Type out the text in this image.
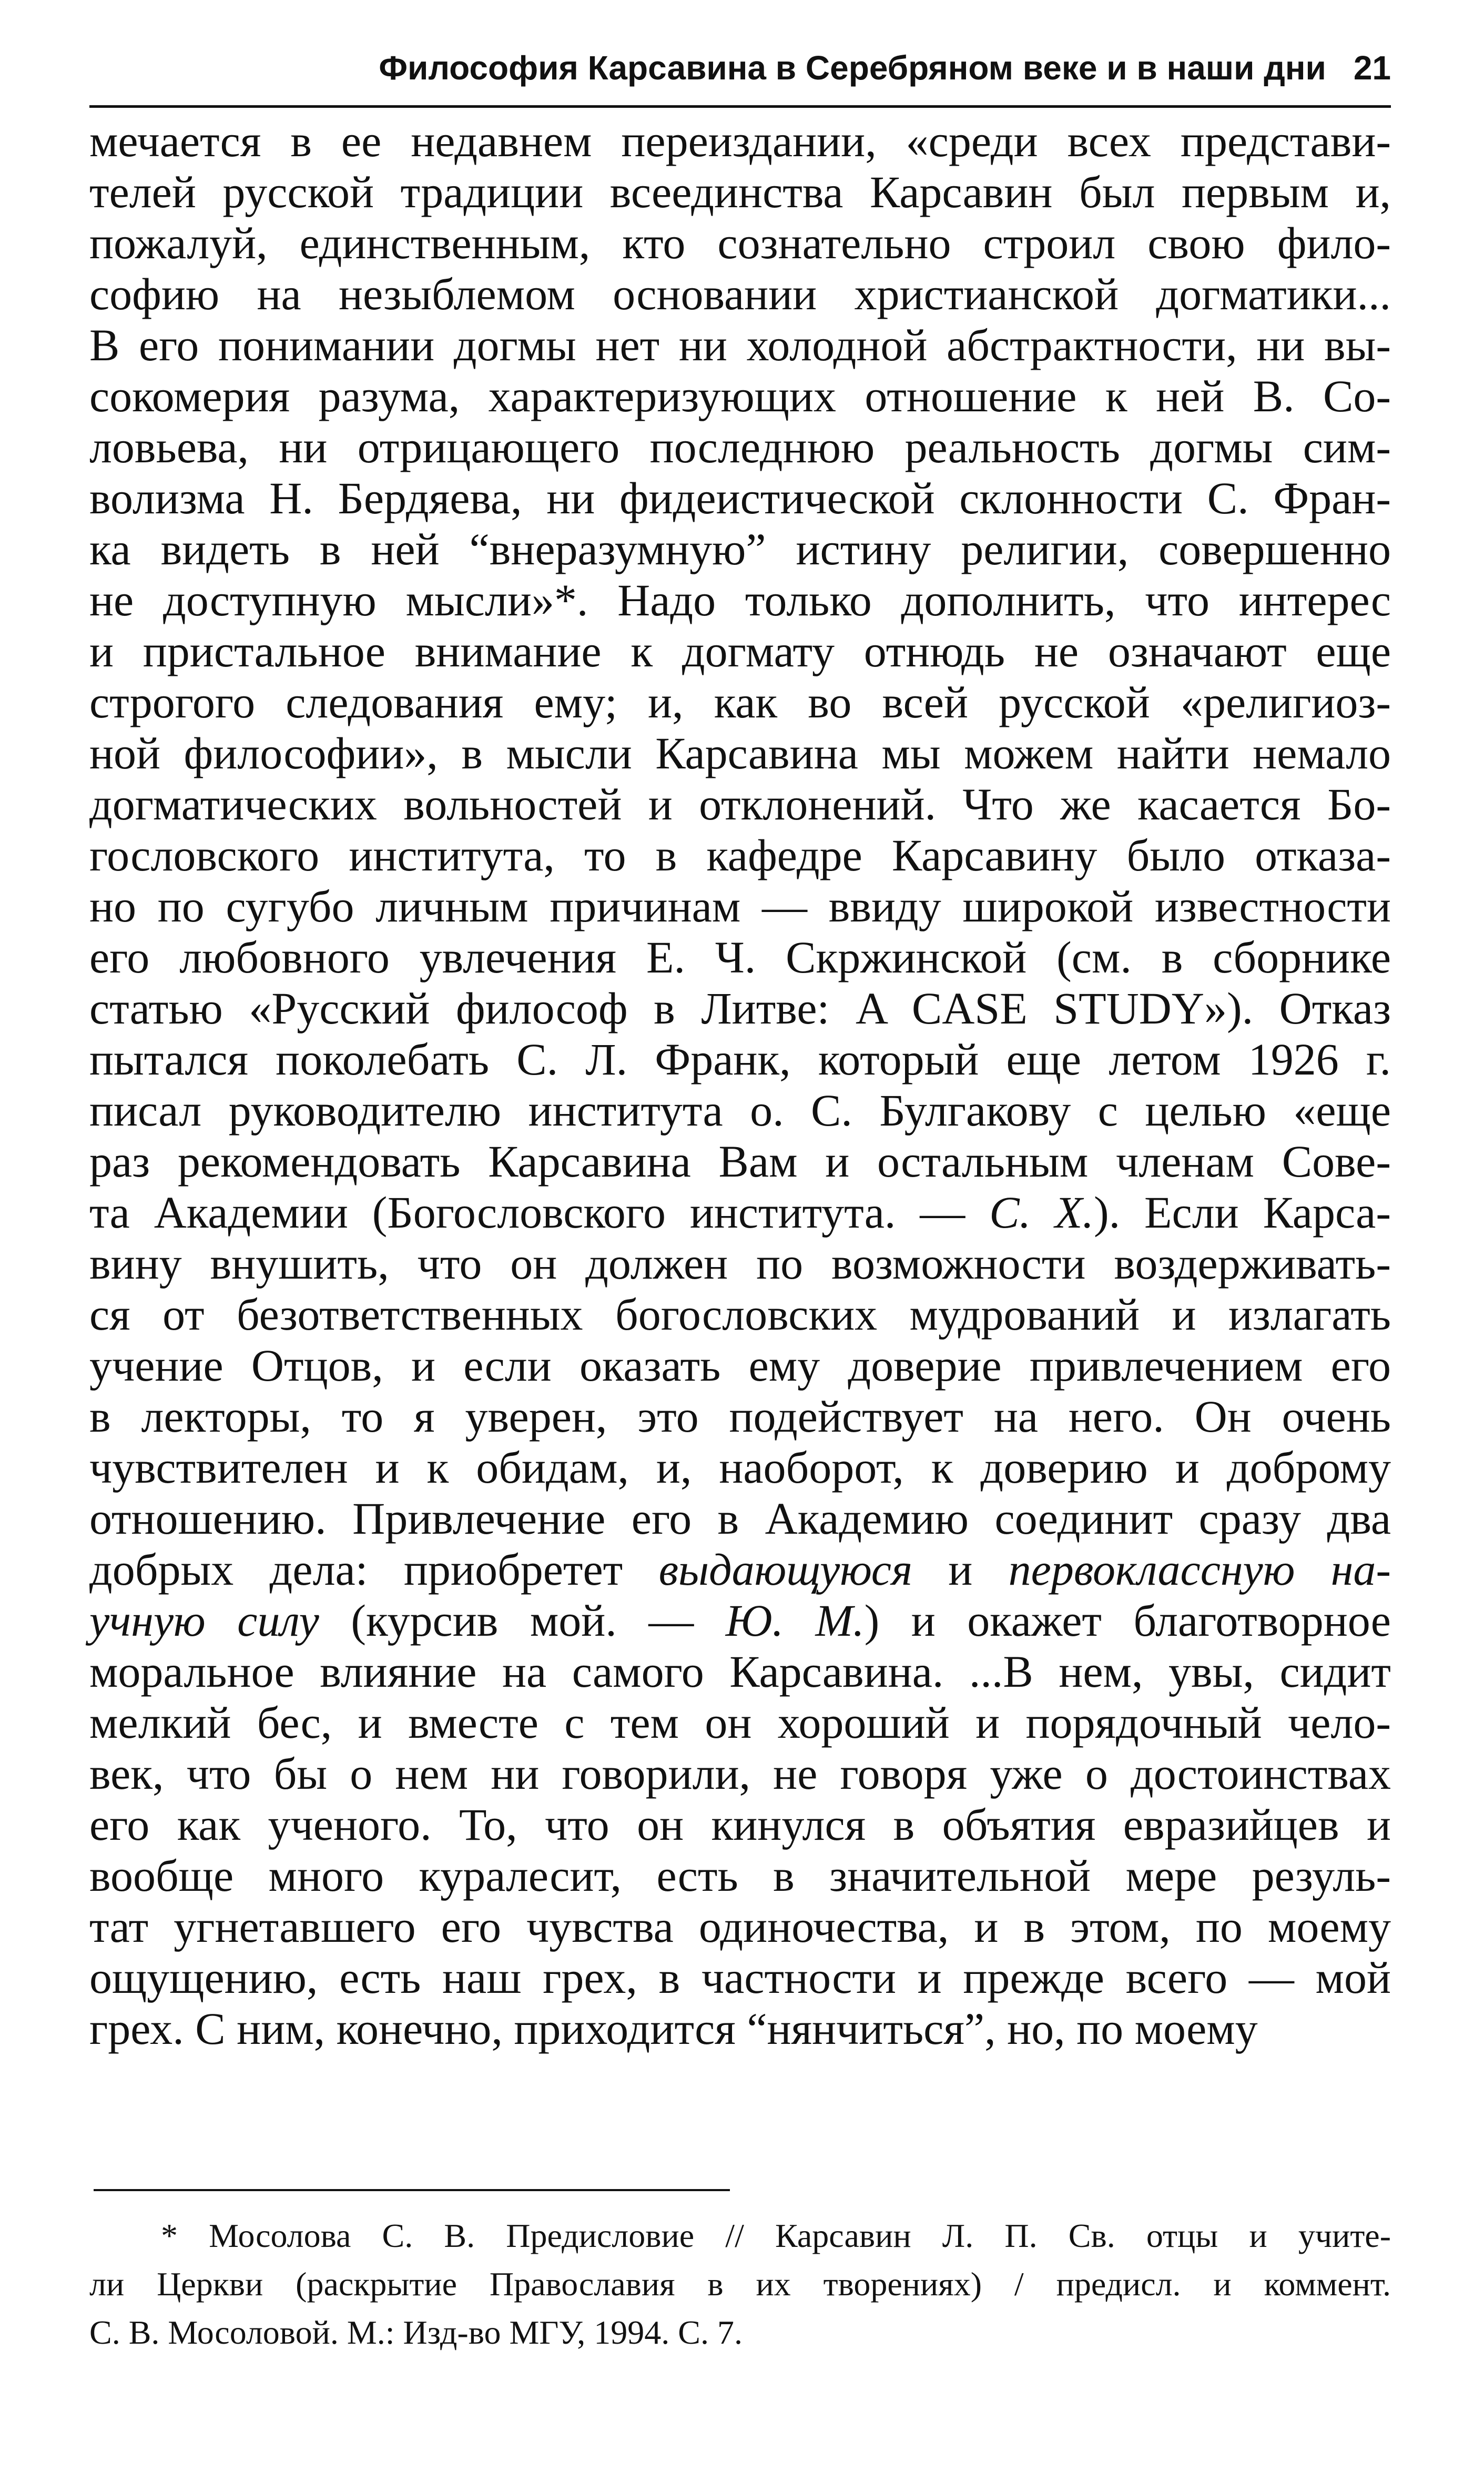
Философия Карсавина в Серебряном веке и в наши дни 21
мечается в ее недавнем переиздании, «среди всех представи-
телей русской традиции всеединства Карсавин был первым и,
пожалуй, единственным, кто сознательно строил свою фило-
софию на незыблемом основании христианской догматики...
В его понимании догмы нет ни холодной абстрактности, ни вы-
сокомерия разума, характеризующих отношение к ней В. Со-
ловьева, ни отрицающего последнюю реальность догмы сим-
волизма Н. Бердяева, ни фидеистической склонности С. Фран-
ка видеть в ней “внеразумную” истину религии, совершенно
не доступную мысли»*. Надо только дополнить, что интерес
и пристальное внимание к догмату отнюдь не означают еще
строгого следования ему; и, как во всей русской «религиоз-
ной философии», в мысли Карсавина мы можем найти немало
догматических вольностей и отклонений. Что же касается Бо-
гословского института, то в кафедре Карсавину было отказа-
но по сугубо личным причинам — ввиду широкой известности
его любовного увлечения Е. Ч. Скржинской (см. в сборнике
статью «Русский философ в Литве: A CASE STUDY»). Отказ
пытался поколебать С. Л. Франк, который еще летом 1926 г.
писал руководителю института о. С. Булгакову с целью «еще
раз рекомендовать Карсавина Вам и остальным членам Сове-
та Академии (Богословского института. — С. Х.). Если Карса-
вину внушить, что он должен по возможности воздерживать-
ся от безответственных богословских мудрований и излагать
учение Отцов, и если оказать ему доверие привлечением его
в лекторы, то я уверен, это подействует на него. Он очень
чувствителен и к обидам, и, наоборот, к доверию и доброму
отношению. Привлечение его в Академию соединит сразу два
добрых дела: приобретет выдающуюся и первоклассную на-
учную силу (курсив мой. — Ю. М.) и окажет благотворное
моральное влияние на самого Карсавина. ...В нем, увы, сидит
мелкий бес, и вместе с тем он хороший и порядочный чело-
век, что бы о нем ни говорили, не говоря уже о достоинствах
его как ученого. То, что он кинулся в объятия евразийцев и
вообще много куралесит, есть в значительной мере резуль-
тат угнетавшего его чувства одиночества, и в этом, по моему
ощущению, есть наш грех, в частности и прежде всего — мой
грех. С ним, конечно, приходится “нянчиться”, но, по моему
* Мосолова С. В. Предисловие // Карсавин Л. П. Св. отцы и учите-
ли Церкви (раскрытие Православия в их творениях) / предисл. и коммент.
С. В. Мосоловой. М.: Изд-во МГУ, 1994. С. 7.
